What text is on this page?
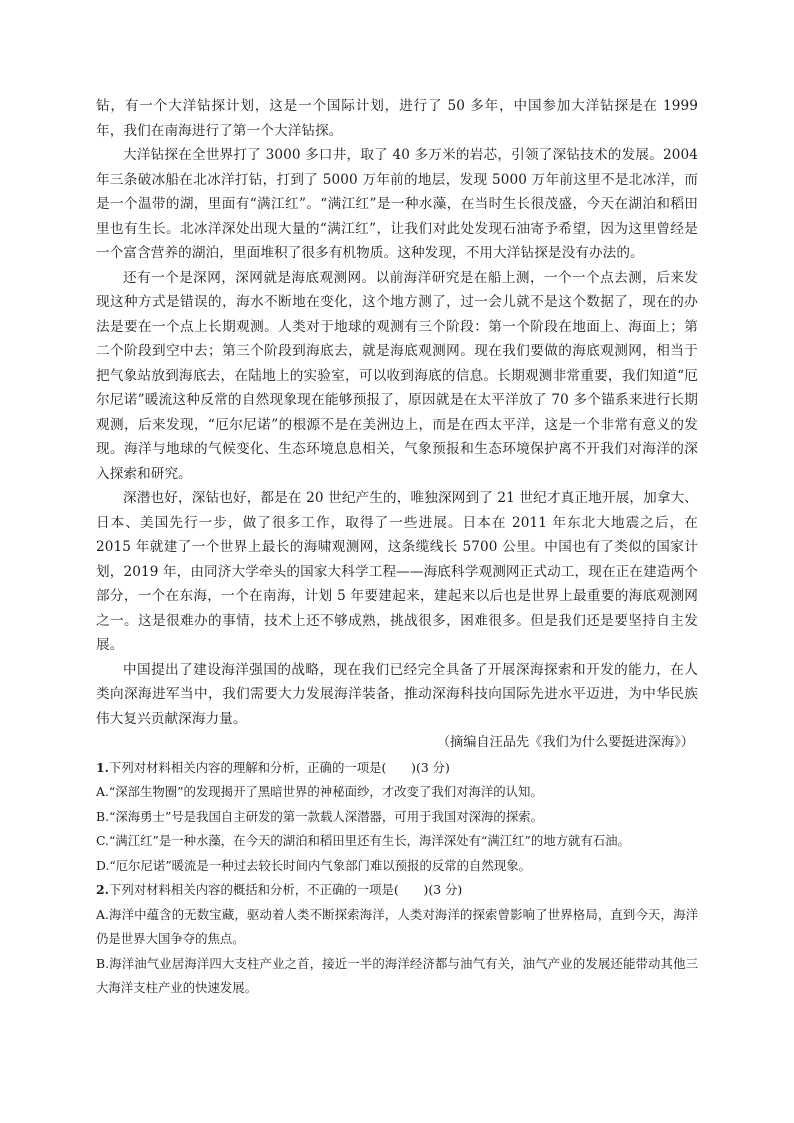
钻，有一个大洋钻探计划，这是一个国际计划，进行了 50 多年，中国参加大洋钻探是在 1999 年，我们在南海进行了第一个大洋钻探。

大洋钻探在全世界打了 3000 多口井，取了 40 多万米的岩芯，引领了深钻技术的发展。2004 年三条破冰船在北冰洋打钻，打到了 5000 万年前的地层，发现 5000 万年前这里不是北冰洋，而是一个温带的湖，里面有“满江红”。“满江红”是一种水藻，在当时生长很茂盛，今天在湖泊和稻田里也有生长。北冰洋深处出现大量的“满江红”，让我们对此处发现石油寄予希望，因为这里曾经是一个富含营养的湖泊，里面堆积了很多有机物质。这种发现，不用大洋钻探是没有办法的。

还有一个是深网，深网就是海底观测网。以前海洋研究是在船上测，一个一个点去测，后来发现这种方式是错误的，海水不断地在变化，这个地方测了，过一会儿就不是这个数据了，现在的办法是要在一个点上长期观测。人类对于地球的观测有三个阶段：第一个阶段在地面上、海面上；第二个阶段到空中去；第三个阶段到海底去，就是海底观测网。现在我们要做的海底观测网，相当于把气象站放到海底去，在陆地上的实验室，可以收到海底的信息。长期观测非常重要，我们知道“厄尔尼诺”暖流这种反常的自然现象现在能够预报了，原因就是在太平洋放了 70 多个锚系来进行长期观测，后来发现，“厄尔尼诺”的根源不是在美洲边上，而是在西太平洋，这是一个非常有意义的发现。海洋与地球的气候变化、生态环境息息相关，气象预报和生态环境保护离不开我们对海洋的深入探索和研究。

深潜也好，深钻也好，都是在 20 世纪产生的，唯独深网到了 21 世纪才真正地开展，加拿大、日本、美国先行一步，做了很多工作，取得了一些进展。日本在 2011 年东北大地震之后，在 2015 年就建了一个世界上最长的海啸观测网，这条缆线长 5700 公里。中国也有了类似的国家计划，2019 年，由同济大学牵头的国家大科学工程——海底科学观测网正式动工，现在正在建造两个部分，一个在东海，一个在南海，计划 5 年要建起来，建起来以后也是世界上最重要的海底观测网之一。这是很难办的事情，技术上还不够成熟，挑战很多，困难很多。但是我们还是要坚持自主发展。

中国提出了建设海洋强国的战略，现在我们已经完全具备了开展深海探索和开发的能力，在人类向深海进军当中，我们需要大力发展海洋装备，推动深海科技向国际先进水平迈进，为中华民族伟大复兴贡献深海力量。

（摘编自汪品先《我们为什么要挺进深海》）

1.下列对材料相关内容的理解和分析，正确的一项是(　　)(3 分)

A.“深部生物圈”的发现揭开了黑暗世界的神秘面纱，才改变了我们对海洋的认知。

B.“深海勇士”号是我国自主研发的第一款载人深潜器，可用于我国对深海的探索。

C.“满江红”是一种水藻，在今天的湖泊和稻田里还有生长，海洋深处有“满江红”的地方就有石油。

D.“厄尔尼诺”暖流是一种过去较长时间内气象部门难以预报的反常的自然现象。

2.下列对材料相关内容的概括和分析，不正确的一项是(　　)(3 分)

A.海洋中蕴含的无数宝藏，驱动着人类不断探索海洋，人类对海洋的探索曾影响了世界格局，直到今天，海洋仍是世界大国争夺的焦点。

B.海洋油气业居海洋四大支柱产业之首，接近一半的海洋经济都与油气有关，油气产业的发展还能带动其他三大海洋支柱产业的快速发展。
